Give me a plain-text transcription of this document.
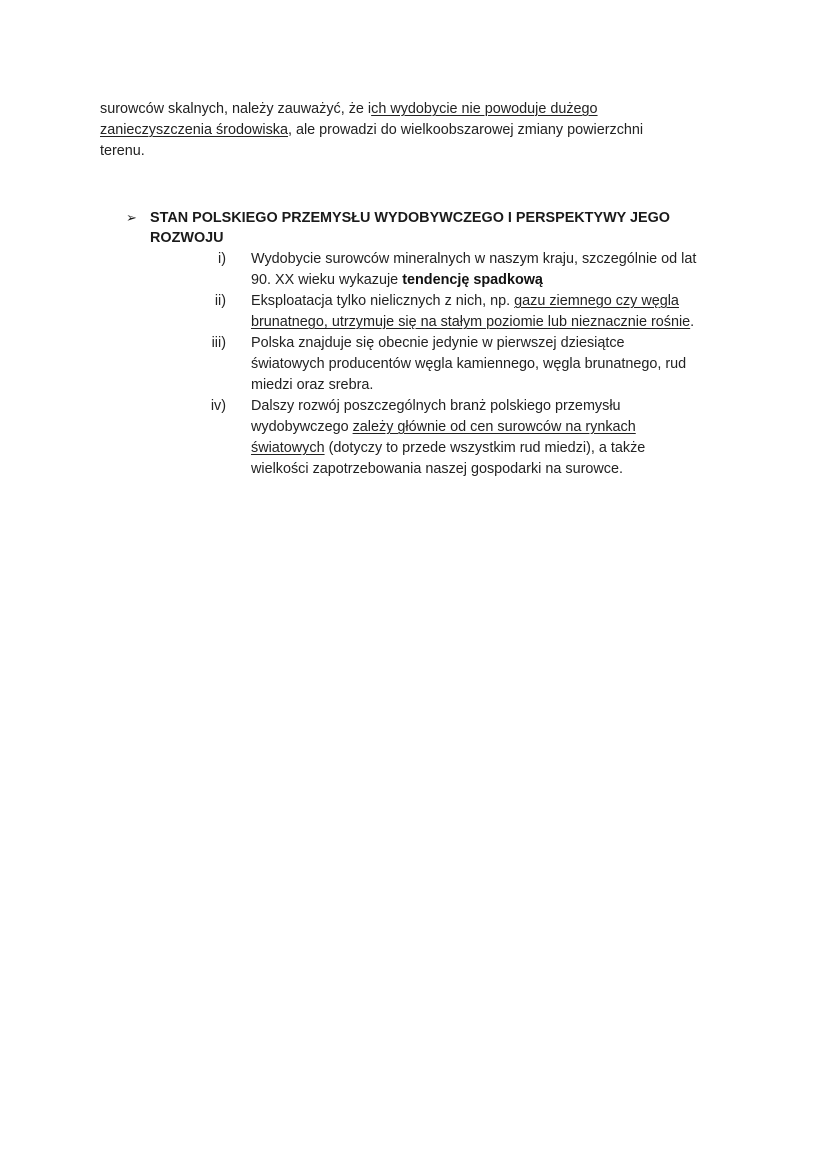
surowców skalnych, należy zauważyć, że ich wydobycie nie powoduje dużego
zanieczyszczenia środowiska, ale prowadzi do wielkoobszarowej zmiany powierzchni
terenu.
➢ STAN POLSKIEGO PRZEMYSŁU WYDOBYWCZEGO I PERSPEKTYWY JEGO
ROZWOJU
i) Wydobycie surowców mineralnych w naszym kraju, szczególnie od lat
90. XX wieku wykazuje tendencję spadkową
ii) Eksploatacja tylko nielicznych z nich, np. gazu ziemnego czy węgla
brunatnego, utrzymuje się na stałym poziomie lub nieznacznie rośnie.
iii) Polska znajduje się obecnie jedynie w pierwszej dziesiątce
światowych producentów węgla kamiennego, węgla brunatnego, rud
miedzi oraz srebra.
iv) Dalszy rozwój poszczególnych branż polskiego przemysłu
wydobywczego zależy głównie od cen surowców na rynkach
światowych (dotyczy to przede wszystkim rud miedzi), a także
wielkości zapotrzebowania naszej gospodarki na surowce.
